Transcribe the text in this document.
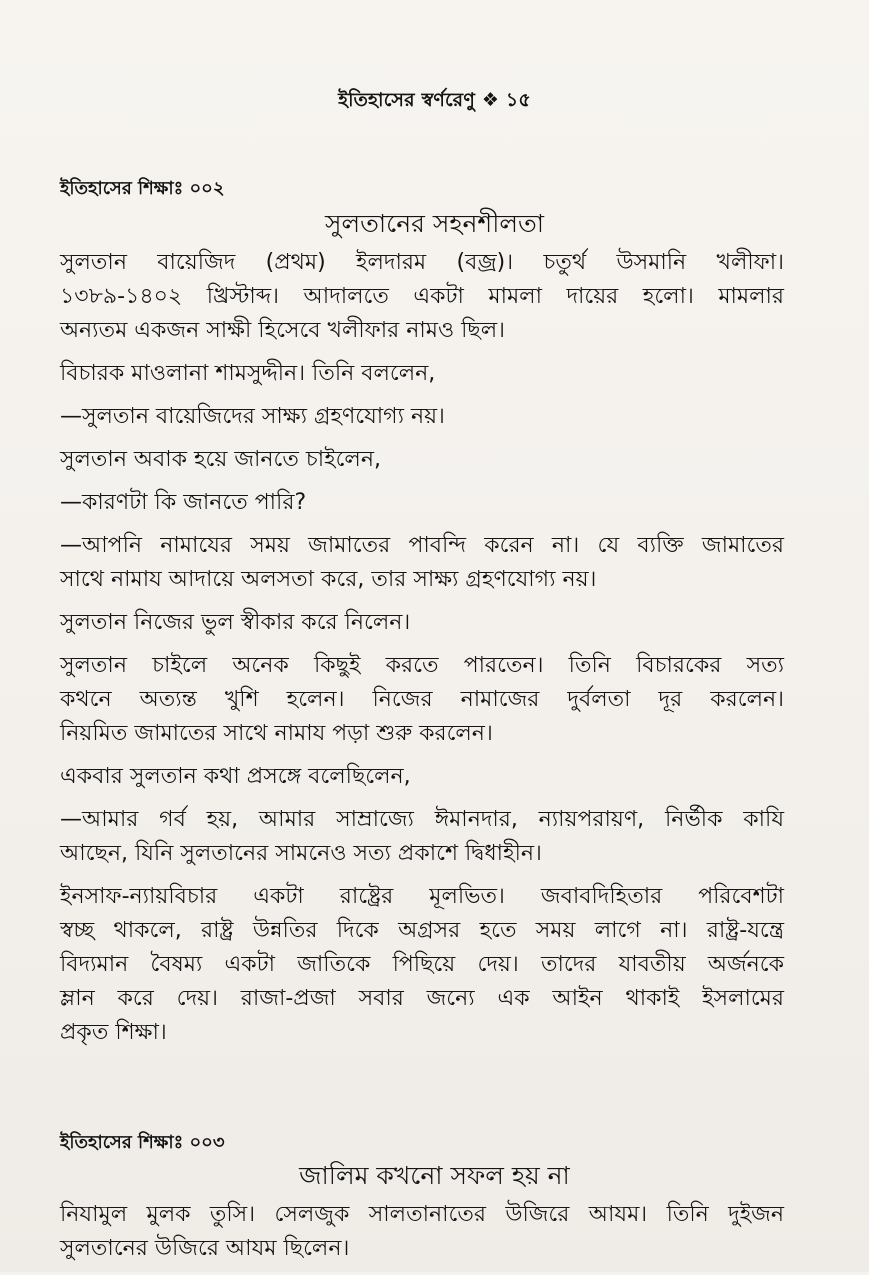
⠀
ইতিহাসের স্বর্ণরেণু ❖ ১৫
ইতিহাসের শিক্ষাঃ ০০২
সুলতানের সহনশীলতা
সুলতান বায়েজিদ (প্রথম) ইলদারম (বজ্র)। চতুর্থ উসমানি খলীফা।
১৩৮৯-১৪০২ খ্রিস্টাব্দ। আদালতে একটা মামলা দায়ের হলো। মামলার
অন্যতম একজন সাক্ষী হিসেবে খলীফার নামও ছিল।
বিচারক মাওলানা শামসুদ্দীন। তিনি বললেন,
—সুলতান বায়েজিদের সাক্ষ্য গ্রহণযোগ্য নয়।
সুলতান অবাক হয়ে জানতে চাইলেন,
—কারণটা কি জানতে পারি?
—আপনি নামাযের সময় জামাতের পাবন্দি করেন না। যে ব্যক্তি জামাতের
সাথে নামায আদায়ে অলসতা করে, তার সাক্ষ্য গ্রহণযোগ্য নয়।
সুলতান নিজের ভুল স্বীকার করে নিলেন।
সুলতান চাইলে অনেক কিছুই করতে পারতেন। তিনি বিচারকের সত্য
কথনে অত্যন্ত খুশি হলেন। নিজের নামাজের দুর্বলতা দূর করলেন।
নিয়মিত জামাতের সাথে নামায পড়া শুরু করলেন।
একবার সুলতান কথা প্রসঙ্গে বলেছিলেন,
—আমার গর্ব হয়, আমার সাম্রাজ্যে ঈমানদার, ন্যায়পরায়ণ, নির্ভীক কাযি
আছেন, যিনি সুলতানের সামনেও সত্য প্রকাশে দ্বিধাহীন।
ইনসাফ-ন্যায়বিচার একটা রাষ্ট্রের মূলভিত। জবাবদিহিতার পরিবেশটা
স্বচ্ছ থাকলে, রাষ্ট্র উন্নতির দিকে অগ্রসর হতে সময় লাগে না। রাষ্ট্র-যন্ত্রে
বিদ্যমান বৈষম্য একটা জাতিকে পিছিয়ে দেয়। তাদের যাবতীয় অর্জনকে
ম্লান করে দেয়। রাজা-প্রজা সবার জন্যে এক আইন থাকাই ইসলামের
প্রকৃত শিক্ষা।
ইতিহাসের শিক্ষাঃ ০০৩
জালিম কখনো সফল হয় না
নিযামুল মুলক তুসি। সেলজুক সালতানাতের উজিরে আযম। তিনি দুইজন
সুলতানের উজিরে আযম ছিলেন।
